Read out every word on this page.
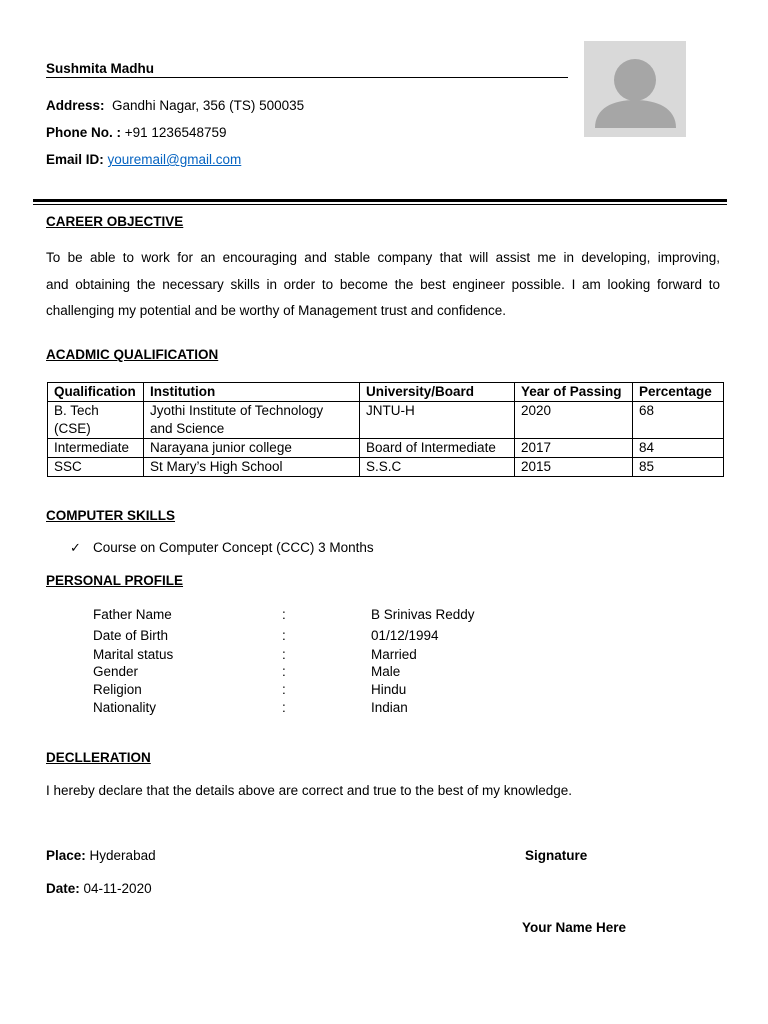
Sushmita Madhu
Address: Gandhi Nagar, 356 (TS) 500035
Phone No. : +91 1236548759
Email ID: youremail@gmail.com
CAREER OBJECTIVE
To be able to work for an encouraging and stable company that will assist me in developing, improving,
and obtaining the necessary skills in order to become the best engineer possible. I am looking forward to
challenging my potential and be worthy of Management trust and confidence.
ACADMIC QUALIFICATION
Qualification	Institution	University/Board	Year of Passing	Percentage
B. Tech (CSE)	Jyothi Institute of Technology and Science	JNTU-H	2020	68
Intermediate	Narayana junior college	Board of Intermediate	2017	84
SSC	St Mary’s High School	S.S.C	2015	85
COMPUTER SKILLS
✓ Course on Computer Concept (CCC) 3 Months
PERSONAL PROFILE
Father Name	:	B Srinivas Reddy
Date of Birth	:	01/12/1994
Marital status	:	Married
Gender	:	Male
Religion	:	Hindu
Nationality	:	Indian
DECLLERATION
I hereby declare that the details above are correct and true to the best of my knowledge.
Place: Hyderabad	Signature
Date: 04-11-2020
Your Name Here
